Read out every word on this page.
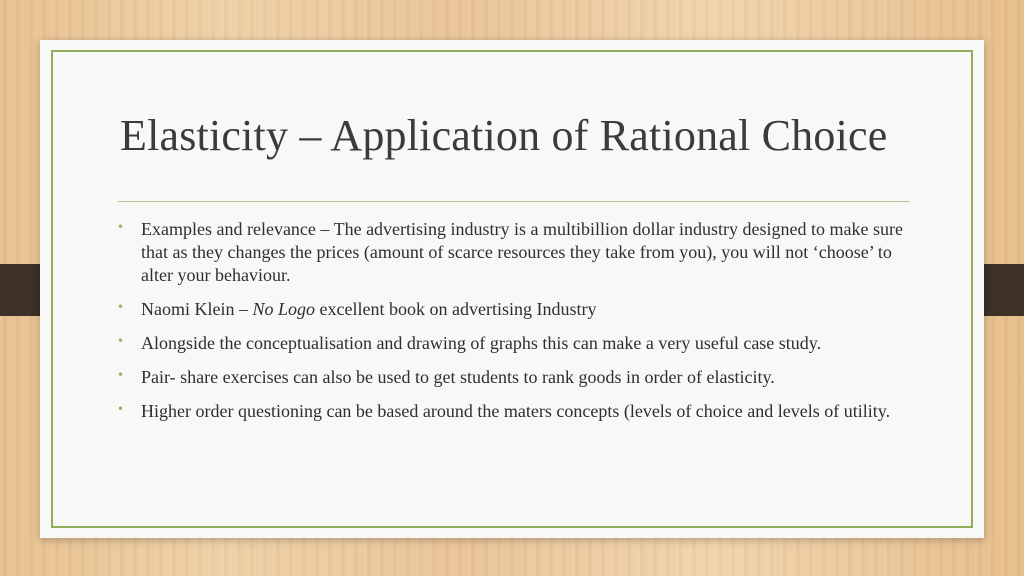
Elasticity – Application of Rational Choice
• Examples and relevance – The advertising industry is a multibillion dollar industry designed to make sure that as they changes the prices (amount of scarce resources they take from you), you will not ‘choose’ to alter your behaviour.
• Naomi Klein – No Logo excellent book on advertising Industry
• Alongside the conceptualisation and drawing of graphs this can make a very useful case study.
• Pair- share exercises can also be used to get students to rank goods in order of elasticity.
• Higher order questioning can be based around the maters concepts (levels of choice and levels of utility.
